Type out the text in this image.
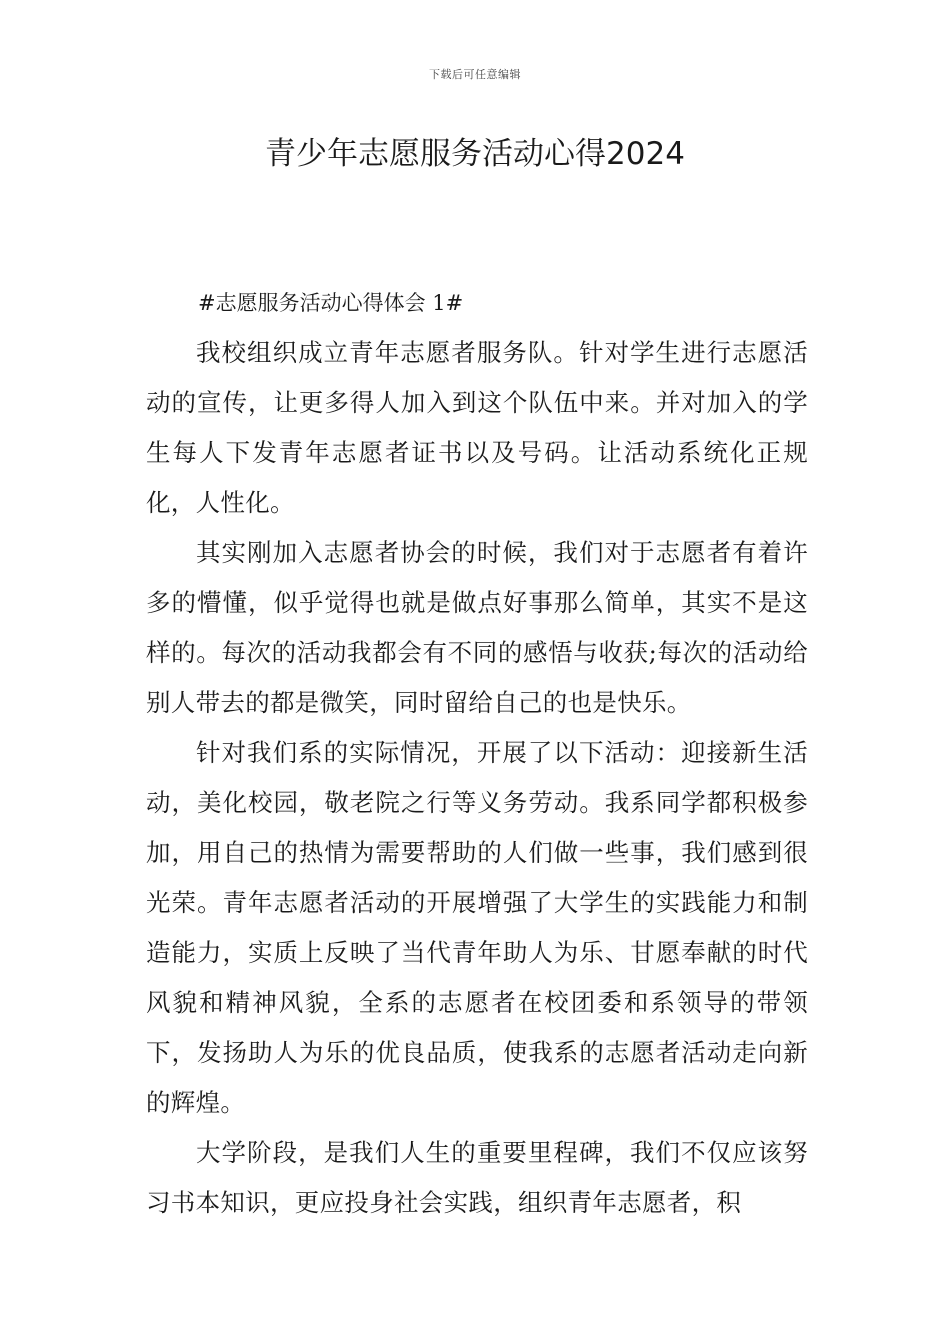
下载后可任意编辑
青少年志愿服务活动心得2024

#志愿服务活动心得体会 1#

我校组织成立青年志愿者服务队。针对学生进行志愿活动的宣传，让更多得人加入到这个队伍中来。并对加入的学生每人下发青年志愿者证书以及号码。让活动系统化正规化，人性化。

其实刚加入志愿者协会的时候，我们对于志愿者有着许多的懵懂，似乎觉得也就是做点好事那么简单，其实不是这样的。每次的活动我都会有不同的感悟与收获;每次的活动给别人带去的都是微笑，同时留给自己的也是快乐。

针对我们系的实际情况，开展了以下活动：迎接新生活动，美化校园，敬老院之行等义务劳动。我系同学都积极参加，用自己的热情为需要帮助的人们做一些事，我们感到很光荣。青年志愿者活动的开展增强了大学生的实践能力和制造能力，实质上反映了当代青年助人为乐、甘愿奉献的时代风貌和精神风貌，全系的志愿者在校团委和系领导的带领下，发扬助人为乐的优良品质，使我系的志愿者活动走向新的辉煌。

大学阶段，是我们人生的重要里程碑，我们不仅应该努习书本知识，更应投身社会实践，组织青年志愿者，积
